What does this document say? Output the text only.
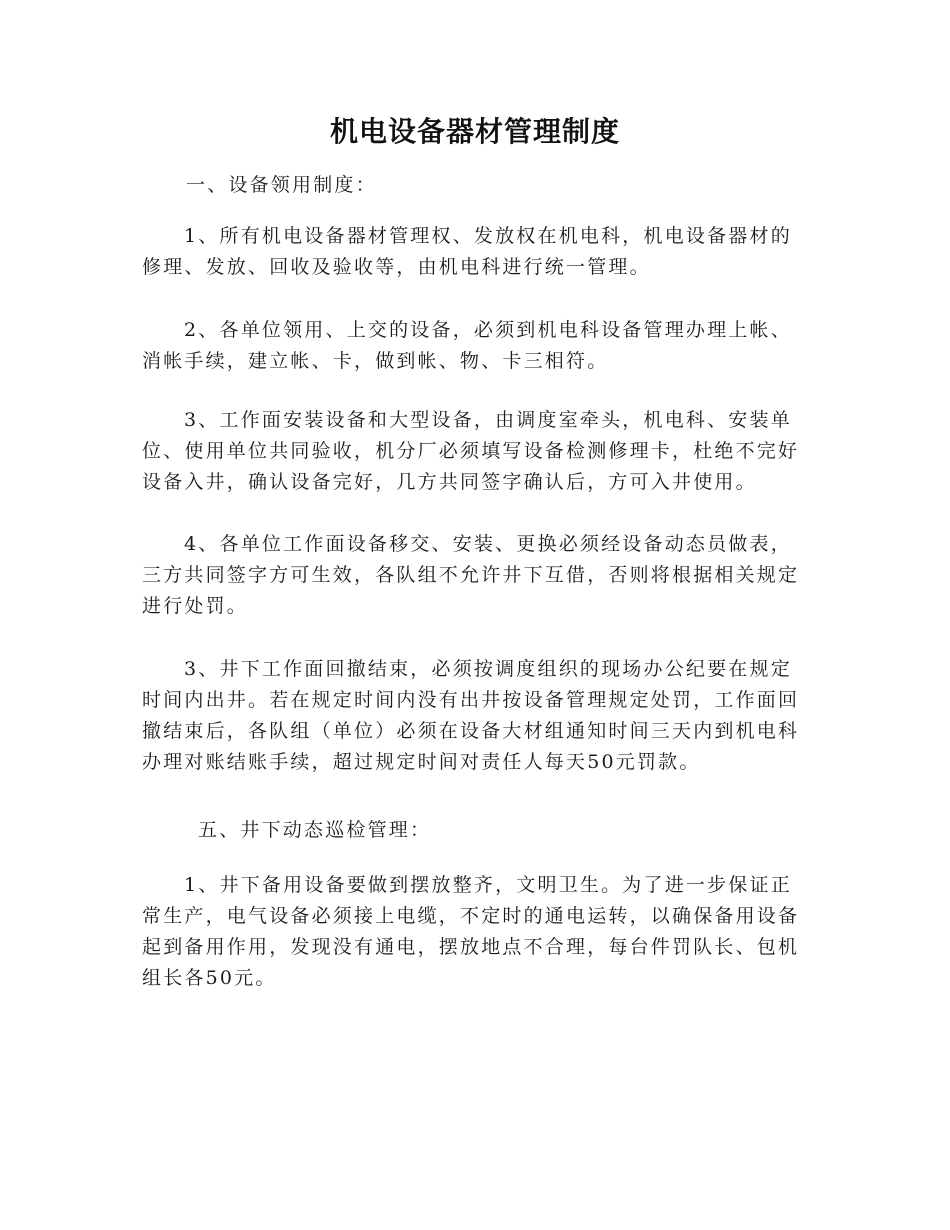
机电设备器材管理制度

一、设备领用制度：

1、所有机电设备器材管理权、发放权在机电科，机电设备器材的修理、发放、回收及验收等，由机电科进行统一管理。

2、各单位领用、上交的设备，必须到机电科设备管理办理上帐、消帐手续，建立帐、卡，做到帐、物、卡三相符。

3、工作面安装设备和大型设备，由调度室牵头，机电科、安装单位、使用单位共同验收，机分厂必须填写设备检测修理卡，杜绝不完好设备入井，确认设备完好，几方共同签字确认后，方可入井使用。

4、各单位工作面设备移交、安装、更换必须经设备动态员做表，三方共同签字方可生效，各队组不允许井下互借，否则将根据相关规定进行处罚。

3、井下工作面回撤结束，必须按调度组织的现场办公纪要在规定时间内出井。若在规定时间内没有出井按设备管理规定处罚，工作面回撤结束后，各队组（单位）必须在设备大材组通知时间三天内到机电科办理对账结账手续，超过规定时间对责任人每天50元罚款。

五、井下动态巡检管理：

1、井下备用设备要做到摆放整齐，文明卫生。为了进一步保证正常生产，电气设备必须接上电缆，不定时的通电运转，以确保备用设备起到备用作用，发现没有通电，摆放地点不合理，每台件罚队长、包机组长各50元。
